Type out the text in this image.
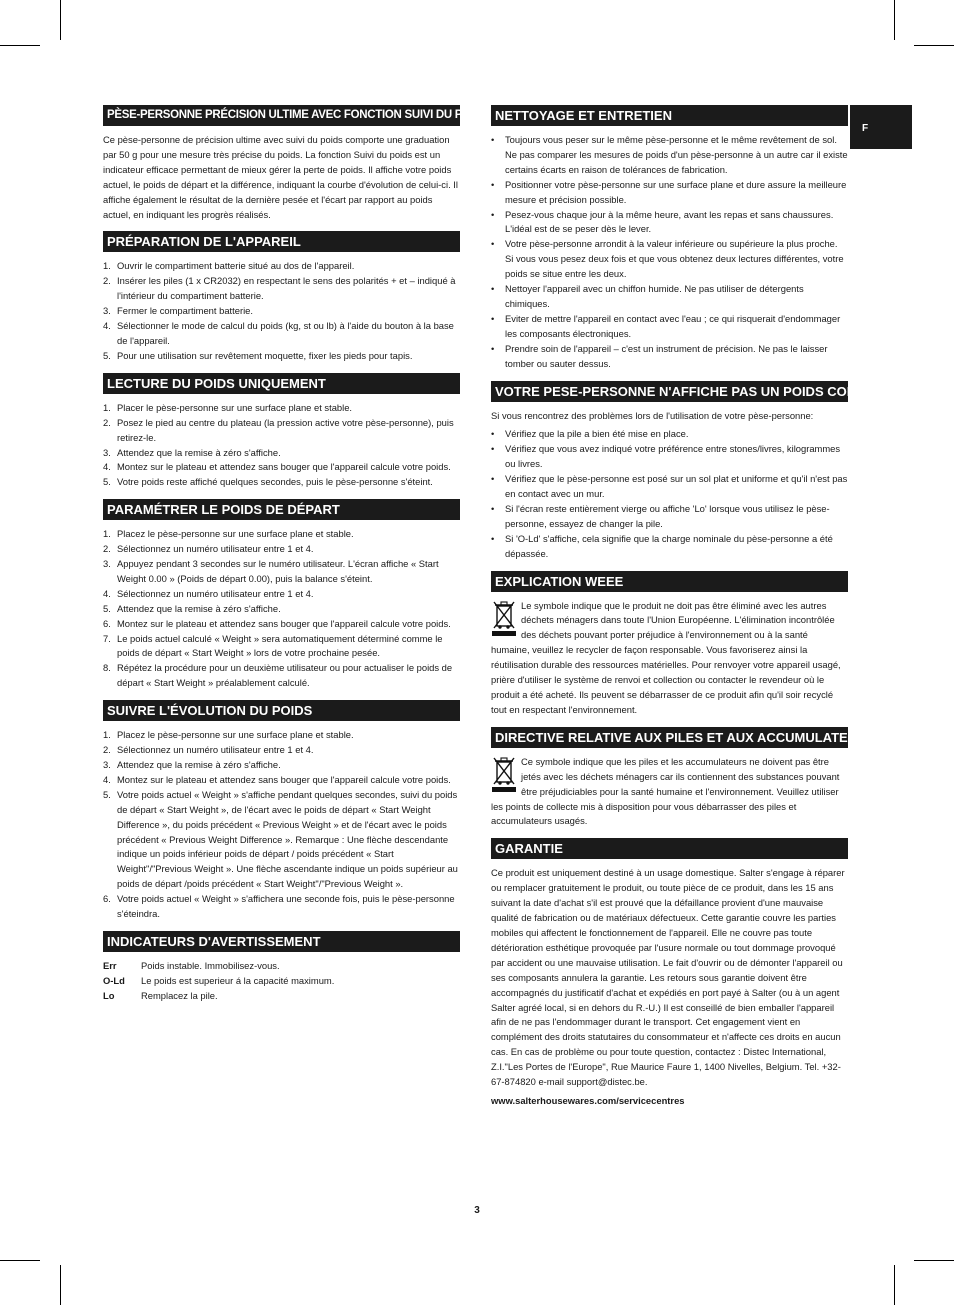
F
PÈSE-PERSONNE PRÉCISION ULTIME AVEC FONCTION SUIVI DU POIDS

Ce pèse-personne de précision ultime avec suivi du poids comporte une graduation par 50 g pour une mesure très précise du poids. La fonction Suivi du poids est un indicateur efficace permettant de mieux gérer la perte de poids. Il affiche votre poids actuel, le poids de départ et la différence, indiquant la courbe d'évolution de celui-ci. Il affiche également le résultat de la dernière pesée et l'écart par rapport au poids actuel, en indiquant les progrès réalisés.

PRÉPARATION DE L'APPAREIL
1. Ouvrir le compartiment batterie situé au dos de l'appareil.
2. Insérer les piles (1 x CR2032) en respectant le sens des polarités + et – indiqué à l'intérieur du compartiment batterie.
3. Fermer le compartiment batterie.
4. Sélectionner le mode de calcul du poids (kg, st ou lb) à l'aide du bouton à la base de l'appareil.
5. Pour une utilisation sur revêtement moquette, fixer les pieds pour tapis.
LECTURE DU POIDS UNIQUEMENT
1. Placer le pèse-personne sur une surface plane et stable.
2. Posez le pied au centre du plateau (la pression active votre pèse-personne), puis retirez-le.
3. Attendez que la remise à zéro s'affiche.
4. Montez sur le plateau et attendez sans bouger que l'appareil calcule votre poids.
5. Votre poids reste affiché quelques secondes, puis le pèse-personne s'éteint.
PARAMÉTRER LE POIDS DE DÉPART
1. Placez le pèse-personne sur une surface plane et stable.
2. Sélectionnez un numéro utilisateur entre 1 et 4.
3. Appuyez pendant 3 secondes sur le numéro utilisateur. L'écran affiche « Start Weight 0.00 » (Poids de départ 0.00), puis la balance s'éteint.
4. Sélectionnez un numéro utilisateur entre 1 et 4.
5. Attendez que la remise à zéro s'affiche.
6. Montez sur le plateau et attendez sans bouger que l'appareil calcule votre poids.
7. Le poids actuel calculé « Weight » sera automatiquement déterminé comme le poids de départ « Start Weight » lors de votre prochaine pesée.
8. Répétez la procédure pour un deuxième utilisateur ou pour actualiser le poids de départ « Start Weight » préalablement calculé.
SUIVRE L'ÉVOLUTION DU POIDS
1. Placez le pèse-personne sur une surface plane et stable.
2. Sélectionnez un numéro utilisateur entre 1 et 4.
3. Attendez que la remise à zéro s'affiche.
4. Montez sur le plateau et attendez sans bouger que l'appareil calcule votre poids.
5. Votre poids actuel « Weight » s'affiche pendant quelques secondes, suivi du poids de départ « Start Weight », de l'écart avec le poids de départ « Start Weight Difference », du poids précédent « Previous Weight » et de l'écart avec le poids précédent « Previous Weight Difference ». Remarque : Une flèche descendante indique un poids inférieur poids de départ / poids précédent « Start Weight"/"Previous Weight ». Une flèche ascendante indique un poids supérieur au poids de départ /poids précédent « Start Weight"/"Previous Weight ».
6. Votre poids actuel « Weight » s'affichera une seconde fois, puis le pèse-personne s'éteindra.
INDICATEURS D'AVERTISSEMENT
Err	Poids instable. Immobilisez-vous.
O-Ld	Le poids est superieur á la capacité maximum.
Lo	Remplacez la pile.
NETTOYAGE ET ENTRETIEN
• Toujours vous peser sur le même pèse-personne et le même revêtement de sol. Ne pas comparer les mesures de poids d'un pèse-personne à un autre car il existe certains écarts en raison de tolérances de fabrication.
• Positionner votre pèse-personne sur une surface plane et dure assure la meilleure mesure et précision possible.
• Pesez-vous chaque jour à la même heure, avant les repas et sans chaussures. L'idéal est de se peser dès le lever.
• Votre pèse-personne arrondit à la valeur inférieure ou supérieure la plus proche. Si vous vous pesez deux fois et que vous obtenez deux lectures différentes, votre poids se situe entre les deux.
• Nettoyer l'appareil avec un chiffon humide. Ne pas utiliser de détergents chimiques.
• Eviter de mettre l'appareil en contact avec l'eau ; ce qui risquerait d'endommager les composants électroniques.
• Prendre soin de l'appareil – c'est un instrument de précision. Ne pas le laisser tomber ou sauter dessus.
VOTRE PESE-PERSONNE N'AFFICHE PAS UN POIDS CORRECT

Si vous rencontrez des problèmes lors de l'utilisation de votre pèse-personne:

• Vérifiez que la pile a bien été mise en place.
• Vérifiez que vous avez indiqué votre préférence entre stones/livres, kilogrammes ou livres.
• Vérifiez que le pèse-personne est posé sur un sol plat et uniforme et qu'il n'est pas en contact avec un mur.
• Si l'écran reste entièrement vierge ou affiche 'Lo' lorsque vous utilisez le pèse-personne, essayez de changer la pile.
• Si 'O-Ld' s'affiche, cela signifie que la charge nominale du pèse-personne a été dépassée.
EXPLICATION WEEE

Le symbole indique que le produit ne doit pas être éliminé avec les autres déchets ménagers dans toute l'Union Européenne. L'élimination incontrôlée des déchets pouvant porter préjudice à l'environnement ou à la santé humaine, veuillez le recycler de façon responsable. Vous favoriserez ainsi la réutilisation durable des ressources matérielles. Pour renvoyer votre appareil usagé, prière d'utiliser le système de renvoi et collection ou contacter le revendeur où le produit a été acheté. Ils peuvent se débarrasser de ce produit afin qu'il soir recyclé tout en respectant l'environnement.

DIRECTIVE RELATIVE AUX PILES ET AUX ACCUMULATEURS

Ce symbole indique que les piles et les accumulateurs ne doivent pas être jetés avec les déchets ménagers car ils contiennent des substances pouvant être préjudiciables pour la santé humaine et l'environnement. Veuillez utiliser les points de collecte mis à disposition pour vous débarrasser des piles et accumulateurs usagés.

GARANTIE

Ce produit est uniquement destiné à un usage domestique. Salter s'engage à réparer ou remplacer gratuitement le produit, ou toute pièce de ce produit, dans les 15 ans suivant la date d'achat s'il est prouvé que la défaillance provient d'une mauvaise qualité de fabrication ou de matériaux défectueux. Cette garantie couvre les parties mobiles qui affectent le fonctionnement de l'appareil. Elle ne couvre pas toute détérioration esthétique provoquée par l'usure normale ou tout dommage provoqué par accident ou une mauvaise utilisation. Le fait d'ouvrir ou de démonter l'appareil ou ses composants annulera la garantie. Les retours sous garantie doivent être accompagnés du justificatif d'achat et expédiés en port payé à Salter (ou à un agent Salter agréé local, si en dehors du R.-U.) Il est conseillé de bien emballer l'appareil afin de ne pas l'endommager durant le transport. Cet engagement vient en complément des droits statutaires du consommateur et n'affecte ces droits en aucun cas. En cas de problème ou pour toute question, contactez : Distec International, Z.I."Les Portes de l'Europe", Rue Maurice Faure 1, 1400 Nivelles, Belgium. Tel. +32-67-874820 e-mail support@distec.be.

www.salterhousewares.com/servicecentres

3
